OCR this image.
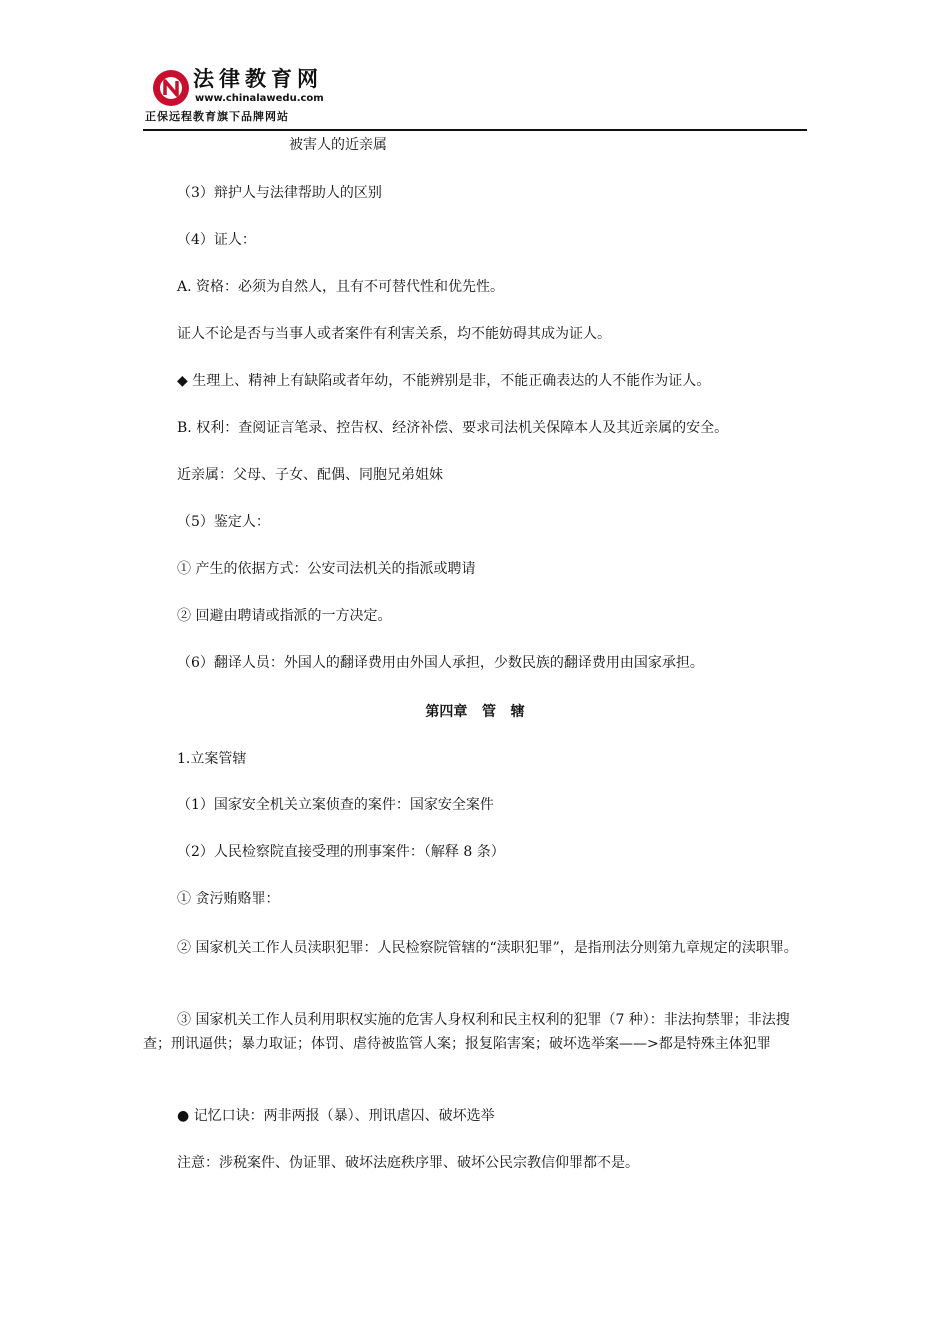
法律教育网
www.chinalawedu.com
正保远程教育旗下品牌网站
被害人的近亲属
（3）辩护人与法律帮助人的区别
（4）证人：
A. 资格：必须为自然人，且有不可替代性和优先性。
证人不论是否与当事人或者案件有利害关系，均不能妨碍其成为证人。
◆ 生理上、精神上有缺陷或者年幼，不能辨别是非，不能正确表达的人不能作为证人。
B. 权利：查阅证言笔录、控告权、经济补偿、要求司法机关保障本人及其近亲属的安全。
近亲属：父母、子女、配偶、同胞兄弟姐妹
（5）鉴定人：
① 产生的依据方式：公安司法机关的指派或聘请
② 回避由聘请或指派的一方决定。
（6）翻译人员：外国人的翻译费用由外国人承担，少数民族的翻译费用由国家承担。
第四章   管   辖
1.立案管辖
（1）国家安全机关立案侦查的案件：国家安全案件
（2）人民检察院直接受理的刑事案件：（解释 8 条）
① 贪污贿赂罪：
② 国家机关工作人员渎职犯罪：人民检察院管辖的“渎职犯罪”，是指刑法分则第九章规定的渎职罪。
③ 国家机关工作人员利用职权实施的危害人身权利和民主权利的犯罪（7 种）：非法拘禁罪；非法搜查；刑讯逼供；暴力取证；体罚、虐待被监管人案；报复陷害案；破坏选举案——>都是特殊主体犯罪
● 记忆口诀：两非两报（暴）、刑讯虐囚、破坏选举
注意：涉税案件、伪证罪、破坏法庭秩序罪、破坏公民宗教信仰罪都不是。
